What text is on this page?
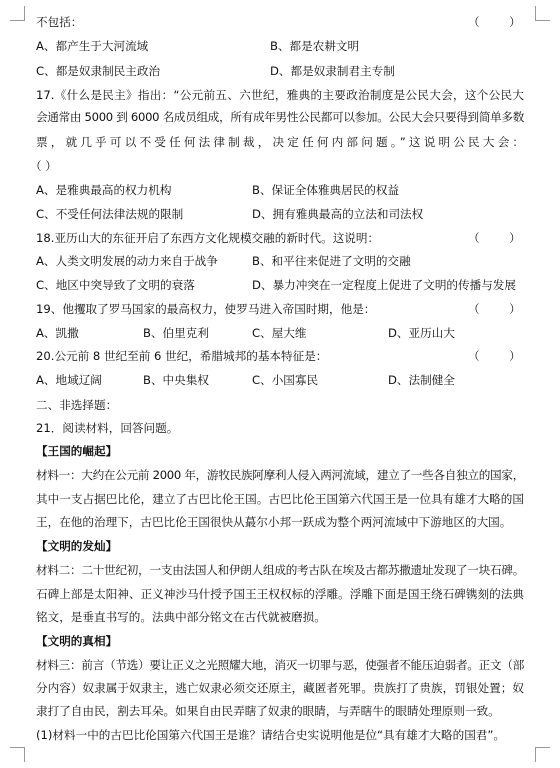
不包括：	（        ）
A、都产生于大河流域	B、都是农耕文明
C、都是奴隶制民主政治	D、都是奴隶制君主专制
17.《什么是民主》指出：“公元前五、六世纪，雅典的主要政治制度是公民大会，这个公民大
会通常由 5000 到 6000 名成员组成，所有成年男性公民都可以参加。公民大会只要得到简单多数
票，就几乎可以不受任何法律制裁，决定任何内部问题。”这说明公民大会：
（ ）
A、是雅典最高的权力机构	B、保证全体雅典居民的权益
C、不受任何法律法规的限制	D、拥有雅典最高的立法和司法权
18.亚历山大的东征开启了东西方文化规模交融的新时代。这说明：	（        ）
A、人类文明发展的动力来自于战争	B、和平往来促进了文明的交融
C、地区中突导致了文明的衰落	D、暴力冲突在一定程度上促进了文明的传播与发展
19、他攫取了罗马国家的最高权力，使罗马进入帝国时期，他是：	（        ）
A、凯撒	B、伯里克利	C、屋大维	D、亚历山大
20.公元前 8 世纪至前 6 世纪，希腊城邦的基本特征是：	（        ）
A、地域辽阔	B、中央集权	C、小国寡民	D、法制健全
二、非选择题：
21．阅读材料，回答问题。
【王国的崛起】
材料一：大约在公元前 2000 年，游牧民族阿摩利人侵入两河流域，建立了一些各自独立的国家，
其中一支占据巴比伦，建立了古巴比伦王国。古巴比伦王国第六代国王是一位具有雄才大略的国
王，在他的治理下，古巴比伦王国很快从蕞尔小邦一跃成为整个两河流域中下游地区的大国。
【文明的发灿】
材料二：二十世纪初，一支由法国人和伊朗人组成的考古队在埃及古都苏撒遗址发现了一块石碑。
石碑上部是太阳神、正义神沙马什授予国王王权权标的浮雕。浮雕下面是国王绕石碑镌刻的法典
铭文，是垂直书写的。法典中部分铭文在古代就被磨损。
【文明的真相】
材料三：前言（节选）要让正义之光照耀大地，消灭一切罪与恶，使强者不能压迫弱者。正文（部
分内容）奴隶属于奴隶主，逃亡奴隶必须交还原主，藏匿者死罪。贵族打了贵族，罚银处置；奴
隶打了自由民，割去耳朵。如果自由民弄瞎了奴隶的眼睛，与弄瞎牛的眼睛处理原则一致。
(1)材料一中的古巴比伦国第六代国王是谁？请结合史实说明他是位“具有雄才大略的国君”。
